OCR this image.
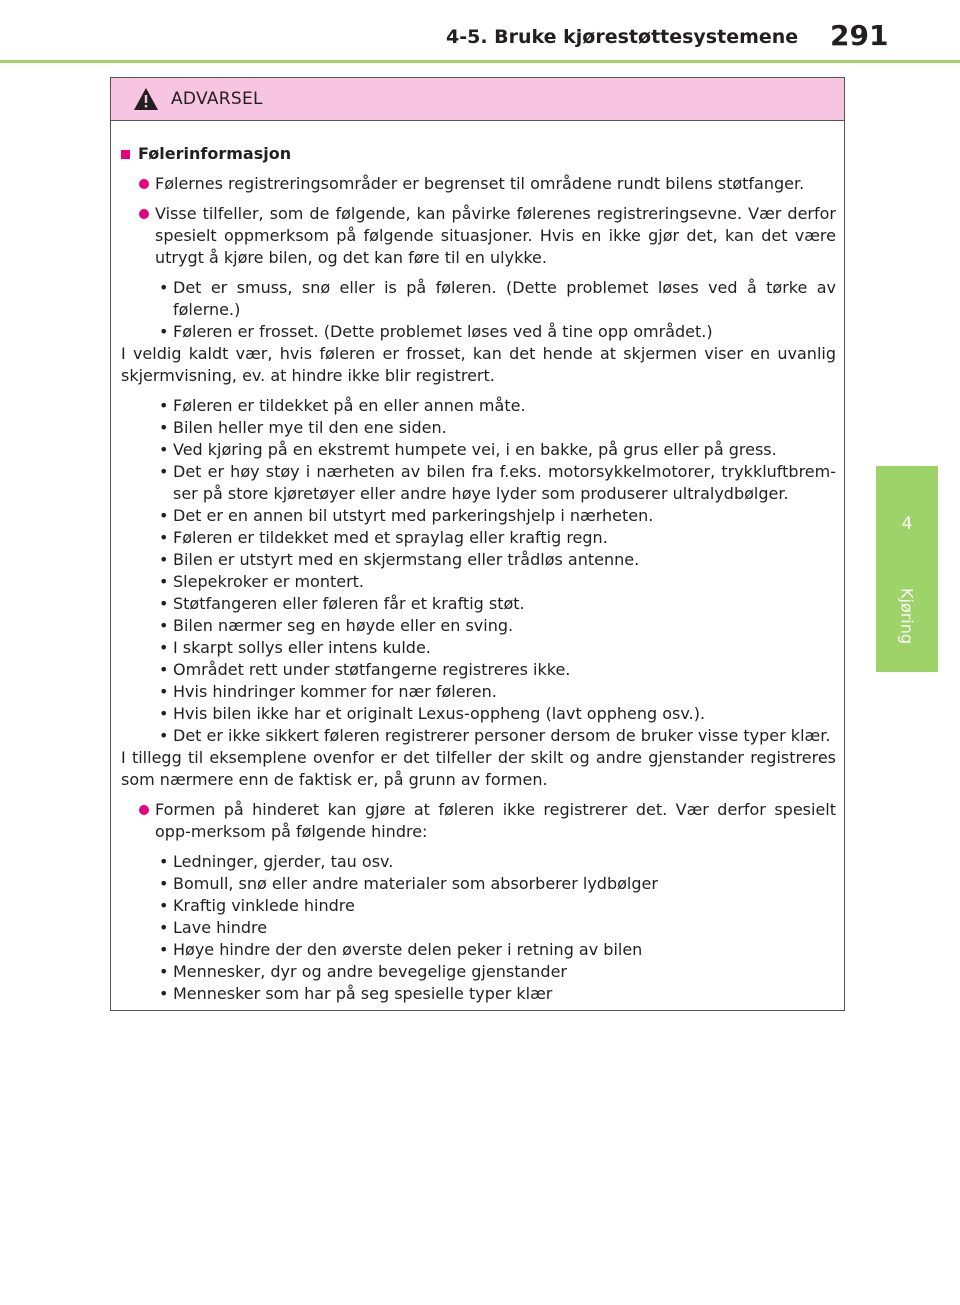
4-5. Bruke kjørestøttesystemene 291
4
Kjøring
ADVARSEL
Følerinformasjon
Følernes registreringsområder er begrenset til områdene rundt bilens støtfanger.
Visse tilfeller, som de følgende, kan påvirke følerenes registreringsevne. Vær derfor spesielt oppmerksom på følgende situasjoner. Hvis en ikke gjør det, kan det være utrygt å kjøre bilen, og det kan føre til en ulykke.
• Det er smuss, snø eller is på føleren. (Dette problemet løses ved å tørke av følerne.)
• Føleren er frosset. (Dette problemet løses ved å tine opp området.)

I veldig kaldt vær, hvis føleren er frosset, kan det hende at skjermen viser en uvanlig skjermvisning, ev. at hindre ikke blir registrert.

• Føleren er tildekket på en eller annen måte.
• Bilen heller mye til den ene siden.
• Ved kjøring på en ekstremt humpete vei, i en bakke, på grus eller på gress.
• Det er høy støy i nærheten av bilen fra f.eks. motorsykkelmotorer, trykkluftbrem-ser på store kjøretøyer eller andre høye lyder som produserer ultralydbølger.
• Det er en annen bil utstyrt med parkeringshjelp i nærheten.
• Føleren er tildekket med et spraylag eller kraftig regn.
• Bilen er utstyrt med en skjermstang eller trådløs antenne.
• Slepekroker er montert.
• Støtfangeren eller føleren får et kraftig støt.
• Bilen nærmer seg en høyde eller en sving.
• I skarpt sollys eller intens kulde.
• Området rett under støtfangerne registreres ikke.
• Hvis hindringer kommer for nær føleren.
• Hvis bilen ikke har et originalt Lexus-oppheng (lavt oppheng osv.).
• Det er ikke sikkert føleren registrerer personer dersom de bruker visse typer klær.

I tillegg til eksemplene ovenfor er det tilfeller der skilt og andre gjenstander registreres som nærmere enn de faktisk er, på grunn av formen.

Formen på hinderet kan gjøre at føleren ikke registrerer det. Vær derfor spesielt opp-merksom på følgende hindre:
• Ledninger, gjerder, tau osv.
• Bomull, snø eller andre materialer som absorberer lydbølger
• Kraftig vinklede hindre
• Lave hindre
• Høye hindre der den øverste delen peker i retning av bilen
• Mennesker, dyr og andre bevegelige gjenstander
• Mennesker som har på seg spesielle typer klær
